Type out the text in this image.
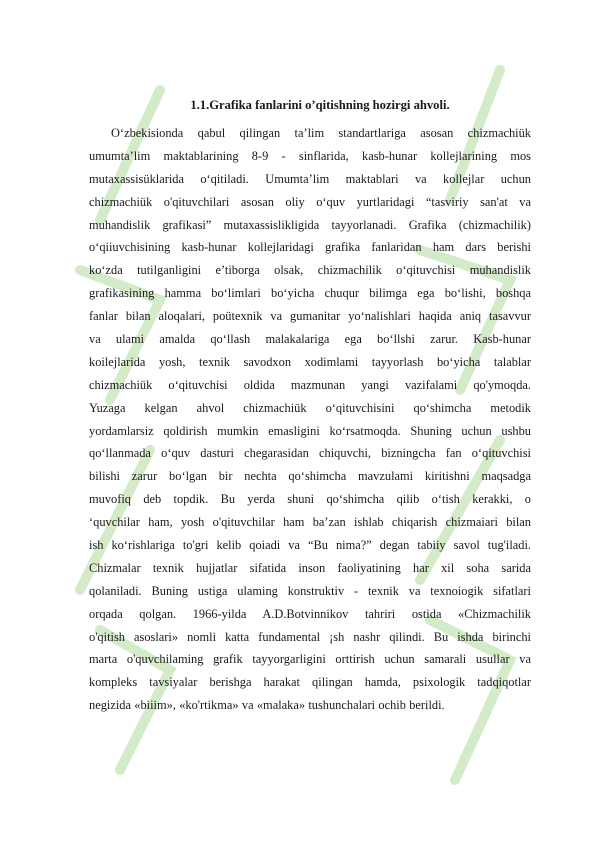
1.1.Grafika fanlarini o’qitishning hozirgi ahvoli.
O‘zbekisionda qabul qilingan ta’lim standartlariga asosan chizmachiük
umumta’lim maktablarining 8-9 - sinflarida, kasb-hunar kollejlarining mos
mutaxassisüklarida o‘qitiladi. Umumta’lim maktablari va kollejlar uchun
chizmachiük o'qituvchilari asosan oliy o‘quv yurtlaridagi “tasviriy san'at va
muhandislik grafikasi” mutaxassislikligida tayyorlanadi. Grafika (chizmachilik)
o‘qiiuvchisining kasb-hunar kollejlaridagi grafika fanlaridan ham dars berishi
ko‘zda tutilganligini e’tiborga olsak, chizmachilik o‘qituvchisi muhandislik
grafikasining hamma bo‘limlari bo‘yicha chuqur bilimga ega bo‘lishi, boshqa
fanlar bilan aloqalari, poütexnik va gumanitar yo‘nalishlari haqida aniq tasavvur
va ulami amalda qo‘llash malakalariga ega bo‘llshi zarur. Kasb-hunar
koilejlarida yosh, texnik savodxon xodimlami tayyorlash bo‘yicha talablar
chizmachiük o‘qituvchisi oldida mazmunan yangi vazifalami qo'ymoqda.
Yuzaga kelgan ahvol chizmachiük o‘qituvchisini qo‘shimcha metodik
yordamlarsiz qoldirish mumkin emasligini ko‘rsatmoqda. Shuning uchun ushbu
qo‘llanmada o‘quv dasturi chegarasidan chiquvchi, bizningcha fan o‘qituvchisi
bilishi zarur bo‘lgan bir nechta qo‘shimcha mavzulami kiritishni maqsadga
muvofiq deb topdik. Bu yerda shuni qo‘shimcha qilib o‘tish kerakki, o
‘quvchilar ham, yosh o'qituvchilar ham ba’zan ishlab chiqarish chizmaiari bilan
ish ko‘rishlariga to'gri kelib qoiadi va “Bu nima?” degan tabiiy savol tug'iladi.
Chizmalar texnik hujjatlar sifatida inson faoliyatining har xil soha sarida
qolaniladi. Buning ustiga ulaming konstruktiv - texnik va texnoiogik sifatlari
orqada qolgan. 1966-yilda A.D.Botvinnikov tahriri ostida «Chizmachilik
o'qitish asoslari» nomli katta fundamental ¡sh nashr qilindi. Bu ishda birinchi
marta o'quvchilaming grafik tayyorgarligini orttirish uchun samarali usullar va
kompleks tavsiyalar berishga harakat qilingan hamda, psixologik tadqiqotlar
negizida «biiim», «ko'rtikma» va «malaka» tushunchalari ochib berildi.
